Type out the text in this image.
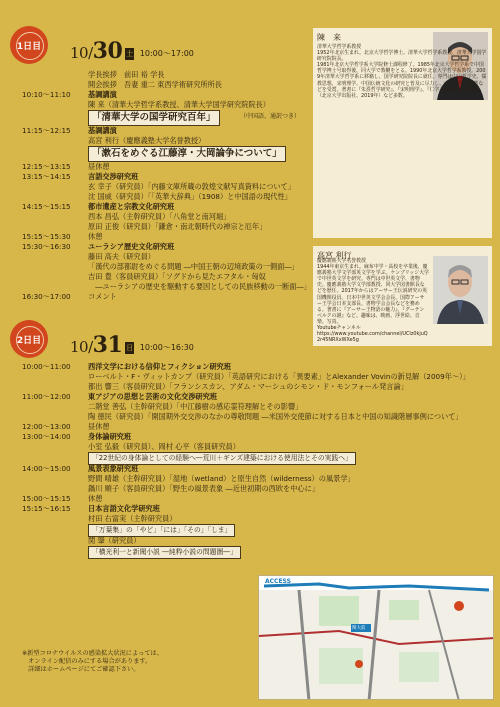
1日目	10/30 土 10:00～17:00
学長挨拶　前田 裕 学長
開会挨拶　吾妻 重二 東西学術研究所所長
10:10～11:10 基調講演
陳 来（清華大学哲学系教授、清華大学国学研究院院長）
「清華大学の国学研究百年」	（中国語、通訳つき）
11:15～12:15 基調講演
高宮 利行（慶應義塾大学名誉教授）
「漱石をめぐる江藤淳・大岡論争について」
12:15～13:15 昼休憩
13:15～14:15 言語交渉研究班
玄 幸子（研究員）「内藤文庫所蔵の敦煌文献写真資料について」
沈 国威（研究員）「「英華大辞典」（1908）と中国語の現代性」
14:15～15:15 都市遺産と宗教文化研究班
西本 昌弘（主幹研究員）「八角堂と南河堀」
原田 正俊（研究員）「鎌倉・南北朝時代の禅宗と厄年」
15:15～15:30 休憩
15:30～16:30 ユーラシア歴史文化研究班
藤田 高夫（研究員）
「漢代の部都尉をめぐる問題 ―中国王朝の辺境政策の一側面―」
吉田 豊（客員研究員）「ソグドから見たエフタル・匈奴
　―ユーラシアの歴史を駆動する要因としての民族移動の一断面―」
16:30～17:00 コメント
2日目	10/31 日 10:00～16:30
10:00～11:00 西洋文学における信仰とフィクション研究班
ローベルト・F・ヴィットカンプ（研究員）「英語研究における「異要素」とAlexander Vovinの新見解（2009年～）」
都出 響三（客員研究員）「フランシスカン、アダム・マーシュのシモン・ド・モンフォール発言論」
11:00～12:00 東アジアの思想と芸術の文化交渉研究班
二階堂 善弘（主幹研究員）「中江藤樹の感応霊符理解とその影響」
陶 徳民（研究員）「開国期外交交渉のなかの尊敬問題 ―米国外交使節に対する日本と中国の知識階層事例について」
12:00～13:00 昼休憩
13:00～14:00 身体論研究班
小室 弘毅（研究員）、岡村 心平（客員研究員）
「22世紀の身体論としての経験へ―荒川＋ギンズ建築における使用法とその実践へ」
14:00～15:00 風景表象研究班
野間 晴雄（主幹研究員）「湿地（wetland）と原生自然（wilderness）の風景学」
鍋川 順子（客員研究員）「野生の風景表象 ―近世初期の西欧を中心に」
15:00～15:15 休憩
15:15～16:15 日本言語文化学研究班
村田 右富実（主幹研究員）
「万葉集」の「やど」「には」「その」「しま」
関 肇（研究員）
「横光利一と新聞小説 ―純粋小説の問題圏―」
陳　来
清華大学哲学系教授
1952年北京生まれ。北京大学哲学博士。清華大学哲学系教授、清華大学国学研究院院長。
1981年北京大学哲学系大学院修士課程修了。1985年北京大学哲学系で中国哲学博士号取得後、同大学で教鞭をとる。1990年北京大学哲学系教授。2009年清華大学哲学系に移籍し、国学研究院院長に就任。専門は中国哲学史、儒教思想、宋明理学。中国伝統文化の研究と普及に尽力し、中国国学大師賞などを受賞。著書に『朱熹哲学研究』、『宋明理学』、『仁学本体論』など多数。
（北京大学出版社、2019年）など多数。
高宮 利行
慶應義塾大学名誉教授
1944年東京生まれ。麻布中学・高校を卒業後、慶應義塾大学文学部英文学を学ぶ。ケンブリッジ大学で中世英文学を研究。専門は中世英文学、書物史。慶應義塾大学文学部教授、同大学図書館長などを歴任。2017年からはアーサー王伝説研究の英国機関役員。日本中世英文学会会長、国際アーサー王学会日本支部長、書物学会会長などを務める。著書に『アーサー王物語の魅力』、『グーテンベルクの謎』など。趣味は、映画、浮世絵、音楽、写真。
Youtubeチャンネル
https://www.youtube.com/channel/UCIz0kjuQ2r45NRXxWXe5g
ACCESS
関大前
※新型コロナウイルスの感染拡大状況によっては、
　オンライン配信のみにする場合があります。
　詳細はホームページにてご確認下さい。
